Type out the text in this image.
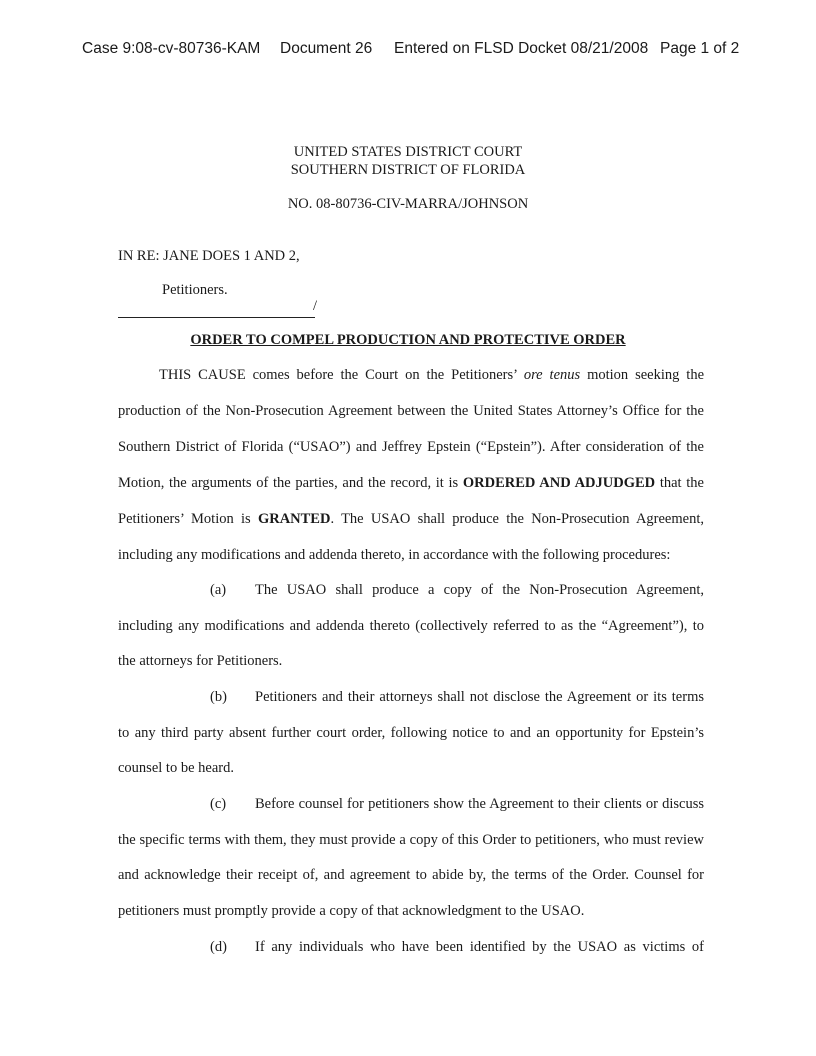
Case 9:08-cv-80736-KAM Document 26 Entered on FLSD Docket 08/21/2008 Page 1 of 2
UNITED STATES DISTRICT COURT
SOUTHERN DISTRICT OF FLORIDA
NO. 08-80736-CIV-MARRA/JOHNSON
IN RE: JANE DOES 1 AND 2,
Petitioners.
/
ORDER TO COMPEL PRODUCTION AND PROTECTIVE ORDER
THIS CAUSE comes before the Court on the Petitioners’ ore tenus motion seeking the
production of the Non-Prosecution Agreement between the United States Attorney’s Office for the
Southern District of Florida (“USAO”) and Jeffrey Epstein (“Epstein”). After consideration of the
Motion, the arguments of the parties, and the record, it is ORDERED AND ADJUDGED that the
Petitioners’ Motion is GRANTED. The USAO shall produce the Non-Prosecution Agreement,
including any modifications and addenda thereto, in accordance with the following procedures:
(a) The USAO shall produce a copy of the Non-Prosecution Agreement,
including any modifications and addenda thereto (collectively referred to as the “Agreement”), to
the attorneys for Petitioners.
(b) Petitioners and their attorneys shall not disclose the Agreement or its terms
to any third party absent further court order, following notice to and an opportunity for Epstein’s
counsel to be heard.
(c) Before counsel for petitioners show the Agreement to their clients or discuss
the specific terms with them, they must provide a copy of this Order to petitioners, who must review
and acknowledge their receipt of, and agreement to abide by, the terms of the Order. Counsel for
petitioners must promptly provide a copy of that acknowledgment to the USAO.
(d) If any individuals who have been identified by the USAO as victims of
